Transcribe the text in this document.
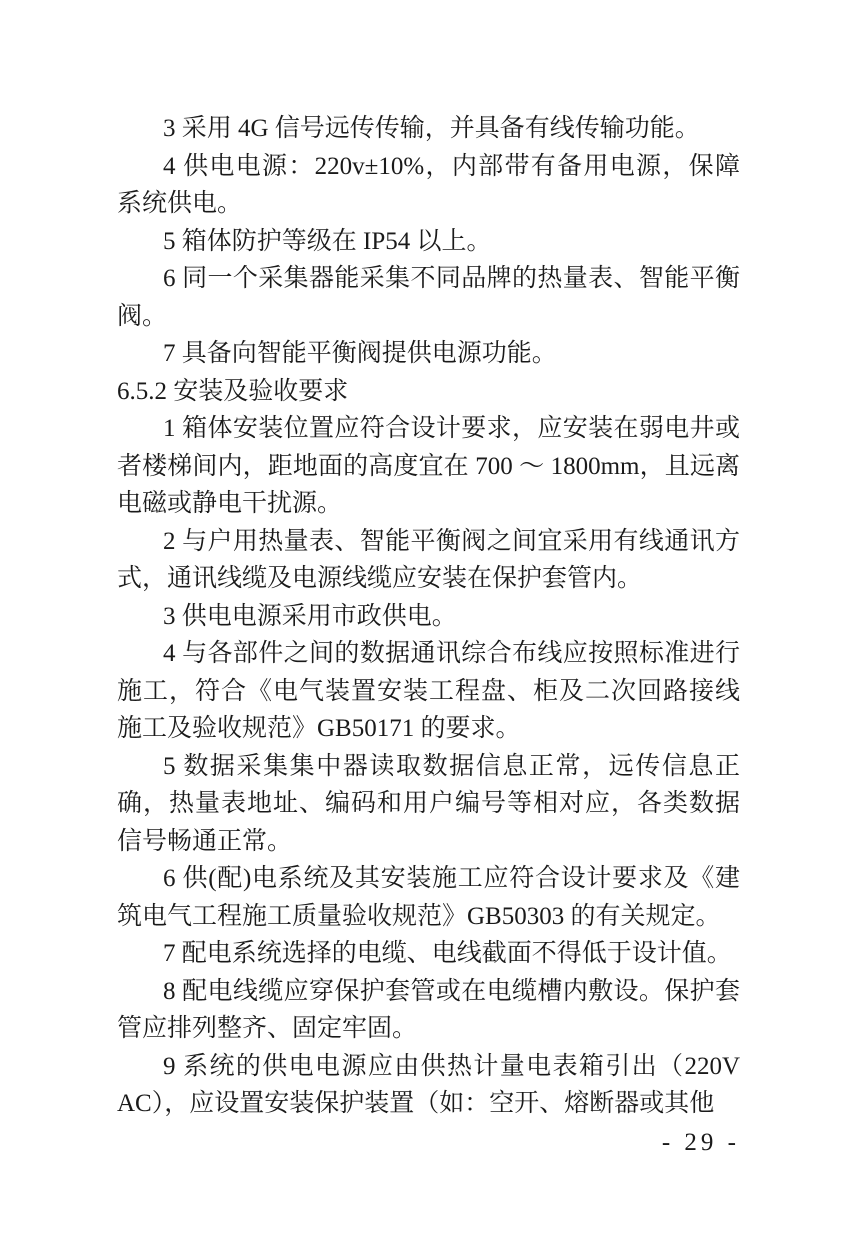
3 采用 4G 信号远传传输，并具备有线传输功能。

4 供电电源：220v±10%，内部带有备用电源，保障系统供电。

5 箱体防护等级在 IP54 以上。

6 同一个采集器能采集不同品牌的热量表、智能平衡阀。

7 具备向智能平衡阀提供电源功能。

6.5.2 安装及验收要求

1 箱体安装位置应符合设计要求，应安装在弱电井或者楼梯间内，距地面的高度宜在 700 ～ 1800mm，且远离电磁或静电干扰源。

2 与户用热量表、智能平衡阀之间宜采用有线通讯方式，通讯线缆及电源线缆应安装在保护套管内。

3 供电电源采用市政供电。

4 与各部件之间的数据通讯综合布线应按照标准进行施工，符合《电气装置安装工程盘、柜及二次回路接线施工及验收规范》GB50171 的要求。

5 数据采集集中器读取数据信息正常，远传信息正确，热量表地址、编码和用户编号等相对应，各类数据信号畅通正常。

6 供(配)电系统及其安装施工应符合设计要求及《建筑电气工程施工质量验收规范》GB50303 的有关规定。

7 配电系统选择的电缆、电线截面不得低于设计值。

8 配电线缆应穿保护套管或在电缆槽内敷设。保护套管应排列整齐、固定牢固。

9 系统的供电电源应由供热计量电表箱引出（220V AC），应设置安装保护装置（如：空开、熔断器或其他

- 29 -
